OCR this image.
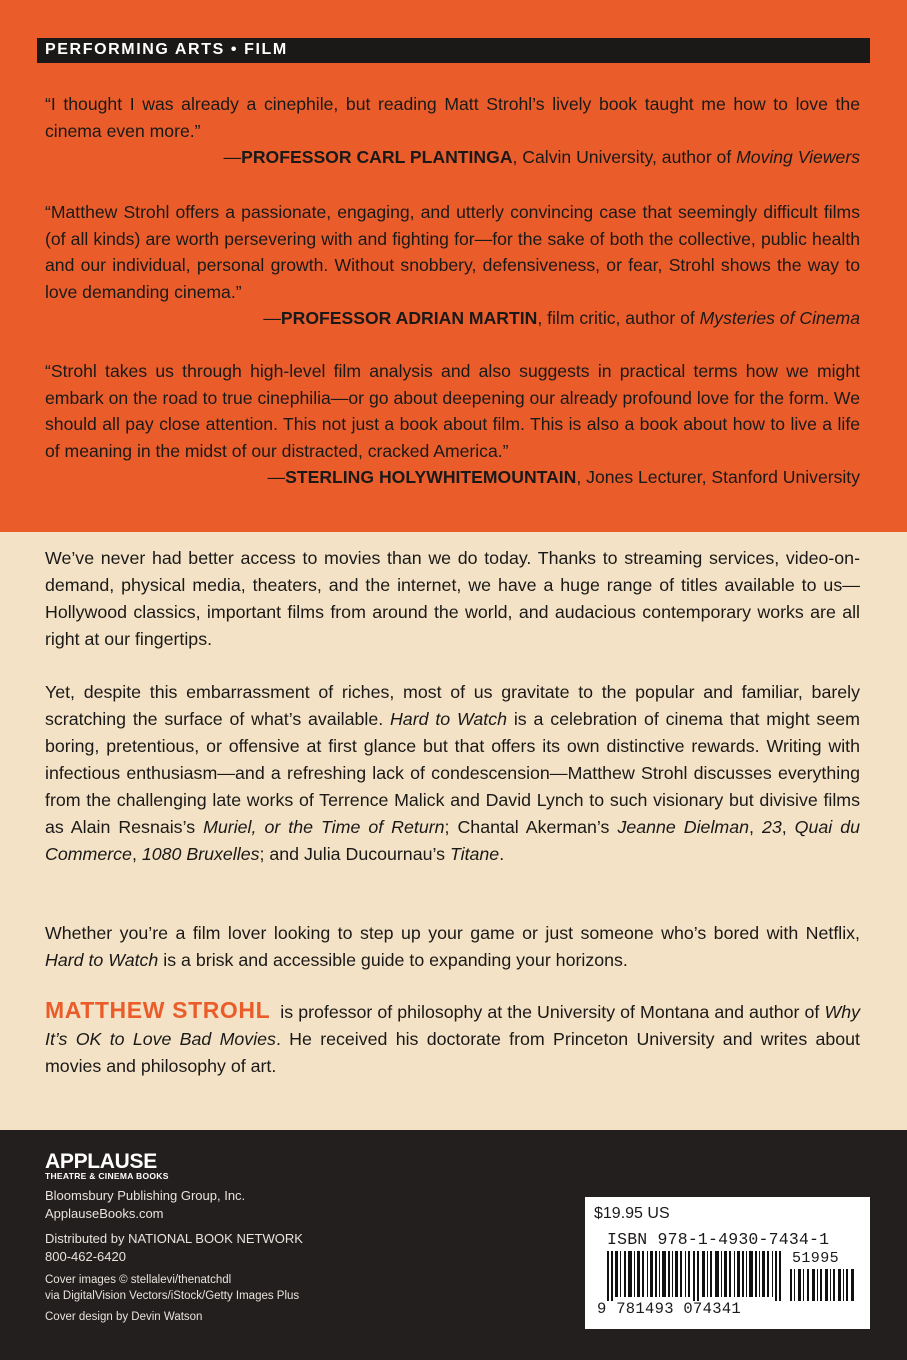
PERFORMING ARTS • FILM

“I thought I was already a cinephile, but reading Matt Strohl’s lively book taught me how to love the cinema even more.”

—PROFESSOR CARL PLANTINGA, Calvin University, author of Moving Viewers

“Matthew Strohl offers a passionate, engaging, and utterly convincing case that seemingly difficult films (of all kinds) are worth persevering with and fighting for—for the sake of both the collective, public health and our individual, personal growth. Without snobbery, defensiveness, or fear, Strohl shows the way to love demanding cinema.”

—PROFESSOR ADRIAN MARTIN, film critic, author of Mysteries of Cinema

“Strohl takes us through high-level film analysis and also suggests in practical terms how we might embark on the road to true cinephilia—or go about deepening our already profound love for the form. We should all pay close attention. This not just a book about film. This is also a book about how to live a life of meaning in the midst of our distracted, cracked America.”

—STERLING HOLYWHITEMOUNTAIN, Jones Lecturer, Stanford University

We’ve never had better access to movies than we do today. Thanks to streaming services, video-on-demand, physical media, theaters, and the internet, we have a huge range of titles available to us—Hollywood classics, important films from around the world, and audacious contemporary works are all right at our fingertips.

Yet, despite this embarrassment of riches, most of us gravitate to the popular and familiar, barely scratching the surface of what’s available. Hard to Watch is a celebration of cinema that might seem boring, pretentious, or offensive at first glance but that offers its own distinctive rewards. Writing with infectious enthusiasm—and a refreshing lack of condescension—Matthew Strohl discusses everything from the challenging late works of Terrence Malick and David Lynch to such visionary but divisive films as Alain Resnais’s Muriel, or the Time of Return; Chantal Akerman’s Jeanne Dielman, 23, Quai du Commerce, 1080 Bruxelles; and Julia Ducournau’s Titane.

Whether you’re a film lover looking to step up your game or just someone who’s bored with Netflix, Hard to Watch is a brisk and accessible guide to expanding your horizons.

MATTHEW STROHL is professor of philosophy at the University of Montana and author of Why It’s OK to Love Bad Movies. He received his doctorate from Princeton University and writes about movies and philosophy of art.

APPLAUSE
THEATRE & CINEMA BOOKS
Bloomsbury Publishing Group, Inc.
ApplauseBooks.com
Distributed by NATIONAL BOOK NETWORK
800-462-6420
Cover images © stellalevi/thenatchdl
via DigitalVision Vectors/iStock/Getty Images Plus
Cover design by Devin Watson
$19.95 US
ISBN 978-1-4930-7434-1
51995
9 781493 074341
